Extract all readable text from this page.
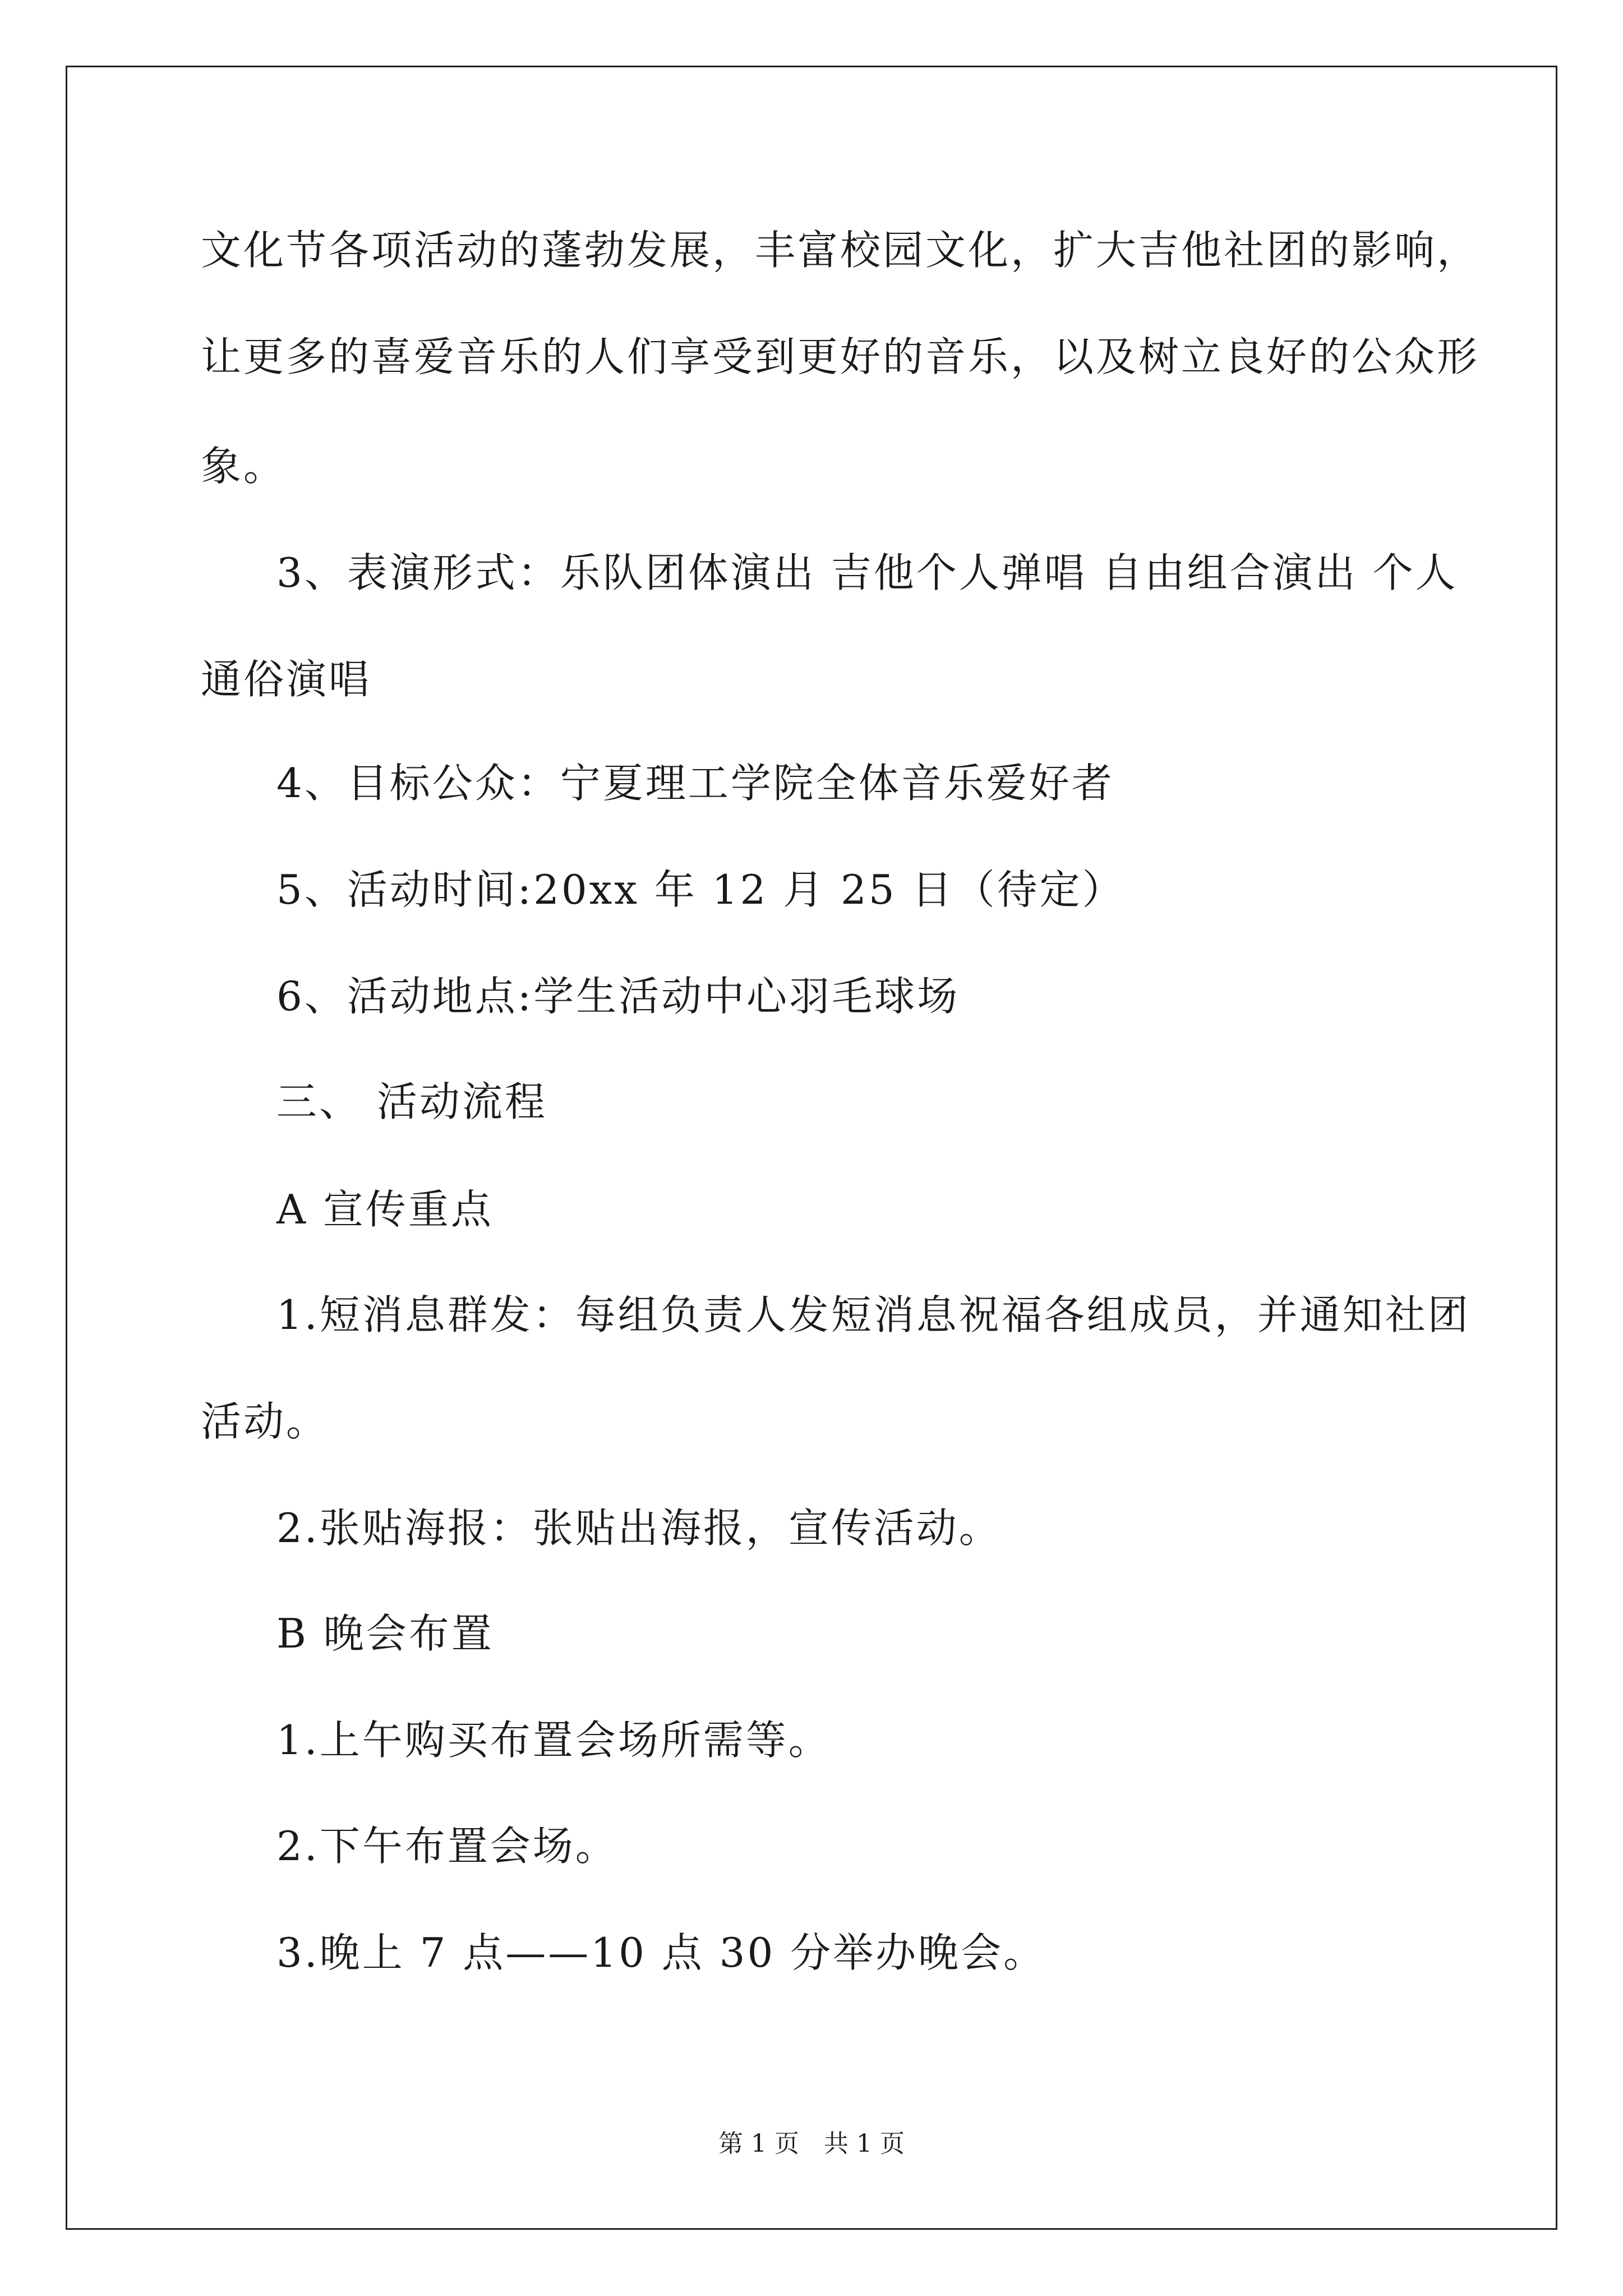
文化节各项活动的蓬勃发展，丰富校园文化，扩大吉他社团的影响，
让更多的喜爱音乐的人们享受到更好的音乐，以及树立良好的公众形
象。
3、表演形式：乐队团体演出 吉他个人弹唱 自由组合演出 个人
通俗演唱
4、目标公众：宁夏理工学院全体音乐爱好者
5、活动时间:20xx 年 12 月 25 日（待定）
6、活动地点:学生活动中心羽毛球场
三、 活动流程
A 宣传重点
1.短消息群发：每组负责人发短消息祝福各组成员，并通知社团
活动。
2.张贴海报：张贴出海报，宣传活动。
B 晚会布置
1.上午购买布置会场所需等。
2.下午布置会场。
3.晚上 7 点——10 点 30 分举办晚会。
第 1 页　共 1 页
